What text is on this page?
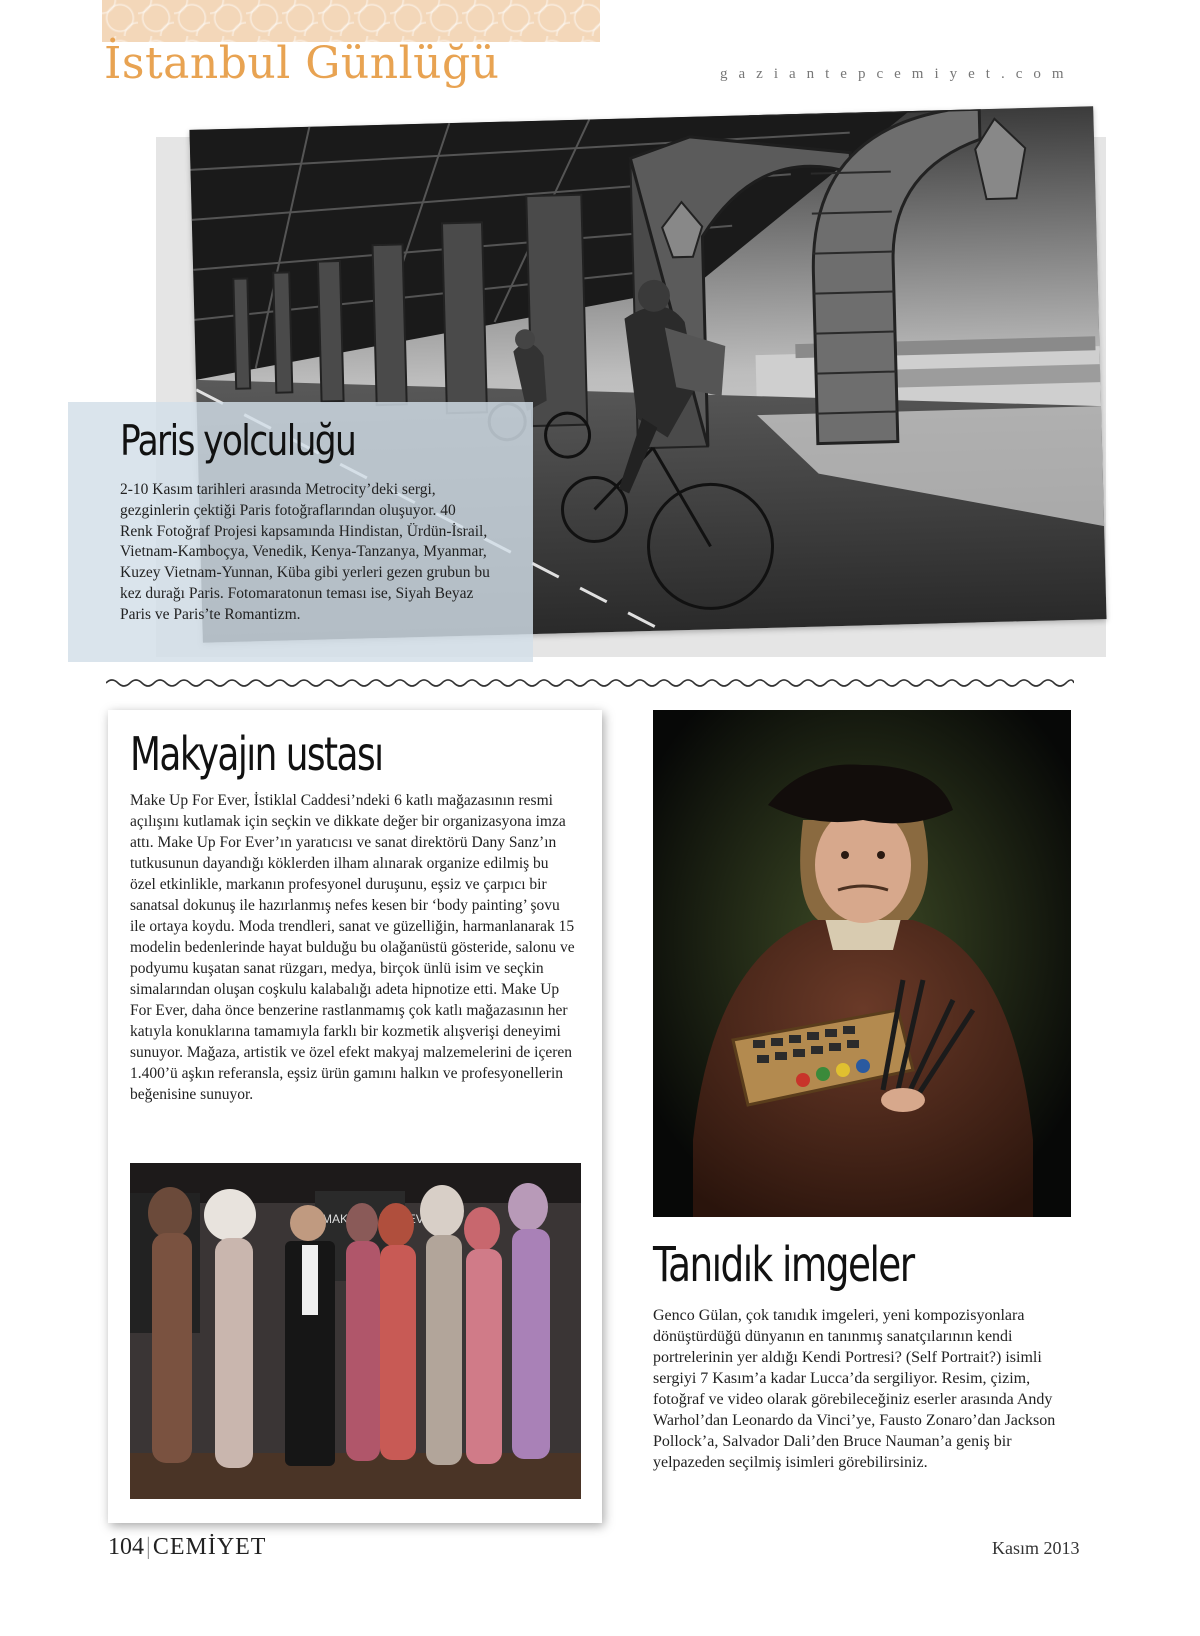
İstanbul Günlüğü	gaziantepcemiyet.com
Paris yolculuğu
2-10 Kasım tarihleri arasında Metrocity’deki sergi, gezginlerin çektiği Paris fotoğraflarından oluşuyor. 40 Renk Fotoğraf Projesi kapsamında Hindistan, Ürdün-İsrail, Vietnam-Kamboçya, Venedik, Kenya-Tanzanya, Myanmar, Kuzey Vietnam-Yunnan, Küba gibi yerleri gezen grubun bu kez durağı Paris. Fotomaratonun teması ise, Siyah Beyaz Paris ve Paris’te Romantizm.
Makyajın ustası
Make Up For Ever, İstiklal Caddesi’ndeki 6 katlı mağazasının resmi açılışını kutlamak için seçkin ve dikkate değer bir organizasyona imza attı. Make Up For Ever’ın yaratıcısı ve sanat direktörü Dany Sanz’ın tutkusunun dayandığı köklerden ilham alınarak organize edilmiş bu özel etkinlikle, markanın profesyonel duruşunu, eşsiz ve çarpıcı bir sanatsal dokunuş ile hazırlanmış nefes kesen bir ‘body painting’ şovu ile ortaya koydu. Moda trendleri, sanat ve güzelliğin, harmanlanarak 15 modelin bedenlerinde hayat bulduğu bu olağanüstü gösteride, salonu ve podyumu kuşatan sanat rüzgarı, medya, birçok ünlü isim ve seçkin simalarından oluşan coşkulu kalabalığı adeta hipnotize etti. Make Up For Ever, daha önce benzerine rastlanmamış çok katlı mağazasının her katıyla konuklarına tamamıyla farklı bir kozmetik alışverişi deneyimi sunuyor. Mağaza, artistik ve özel efekt makyaj malzemelerini de içeren 1.400’ü aşkın referansla, eşsiz ürün gamını halkın ve profesyonellerin beğenisine sunuyor.
MAKE
Tanıdık imgeler
Genco Gülan, çok tanıdık imgeleri, yeni kompozisyonlara dönüştürdüğü dünyanın en tanınmış sanatçılarının kendi portrelerinin yer aldığı Kendi Portresi? (Self Portrait?) isimli sergiyi 7 Kasım’a kadar Lucca’da sergiliyor. Resim, çizim, fotoğraf ve video olarak görebileceğiniz eserler arasında Andy Warhol’dan Leonardo da Vinci’ye, Fausto Zonaro’dan Jackson Pollock’a, Salvador Dali’den Bruce Nauman’a geniş bir yelpazeden seçilmiş isimleri görebilirsiniz.
104|CEMİYET	Kasım 2013
